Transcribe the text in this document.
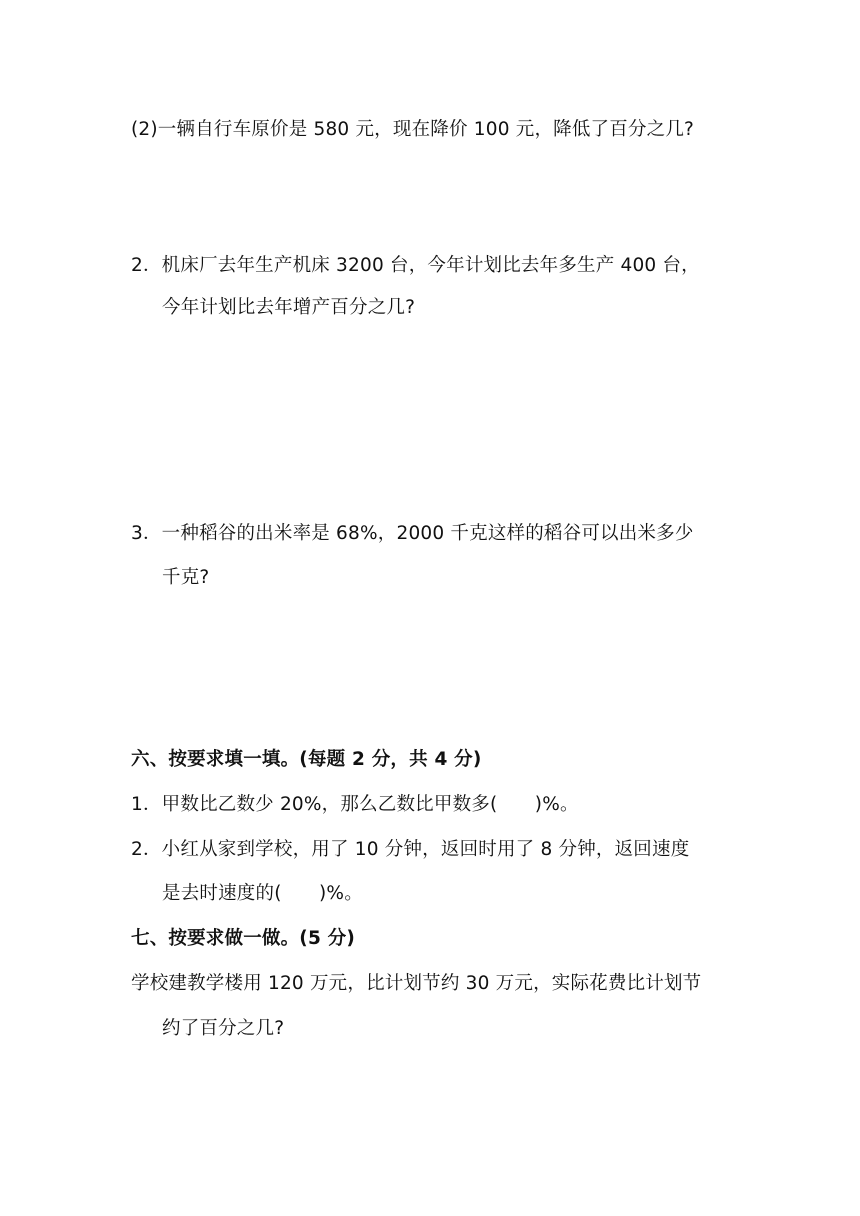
(2)一辆自行车原价是 580 元，现在降价 100 元，降低了百分之几?
2．机床厂去年生产机床 3200 台，今年计划比去年多生产 400 台，
今年计划比去年增产百分之几?
3．一种稻谷的出米率是 68%，2000 千克这样的稻谷可以出米多少
千克?
六、按要求填一填。(每题 2 分，共 4 分)
1．甲数比乙数少 20%，那么乙数比甲数多(　　)%。
2．小红从家到学校，用了 10 分钟，返回时用了 8 分钟，返回速度
是去时速度的(　　)%。
七、按要求做一做。(5 分)
学校建教学楼用 120 万元，比计划节约 30 万元，实际花费比计划节
约了百分之几?
